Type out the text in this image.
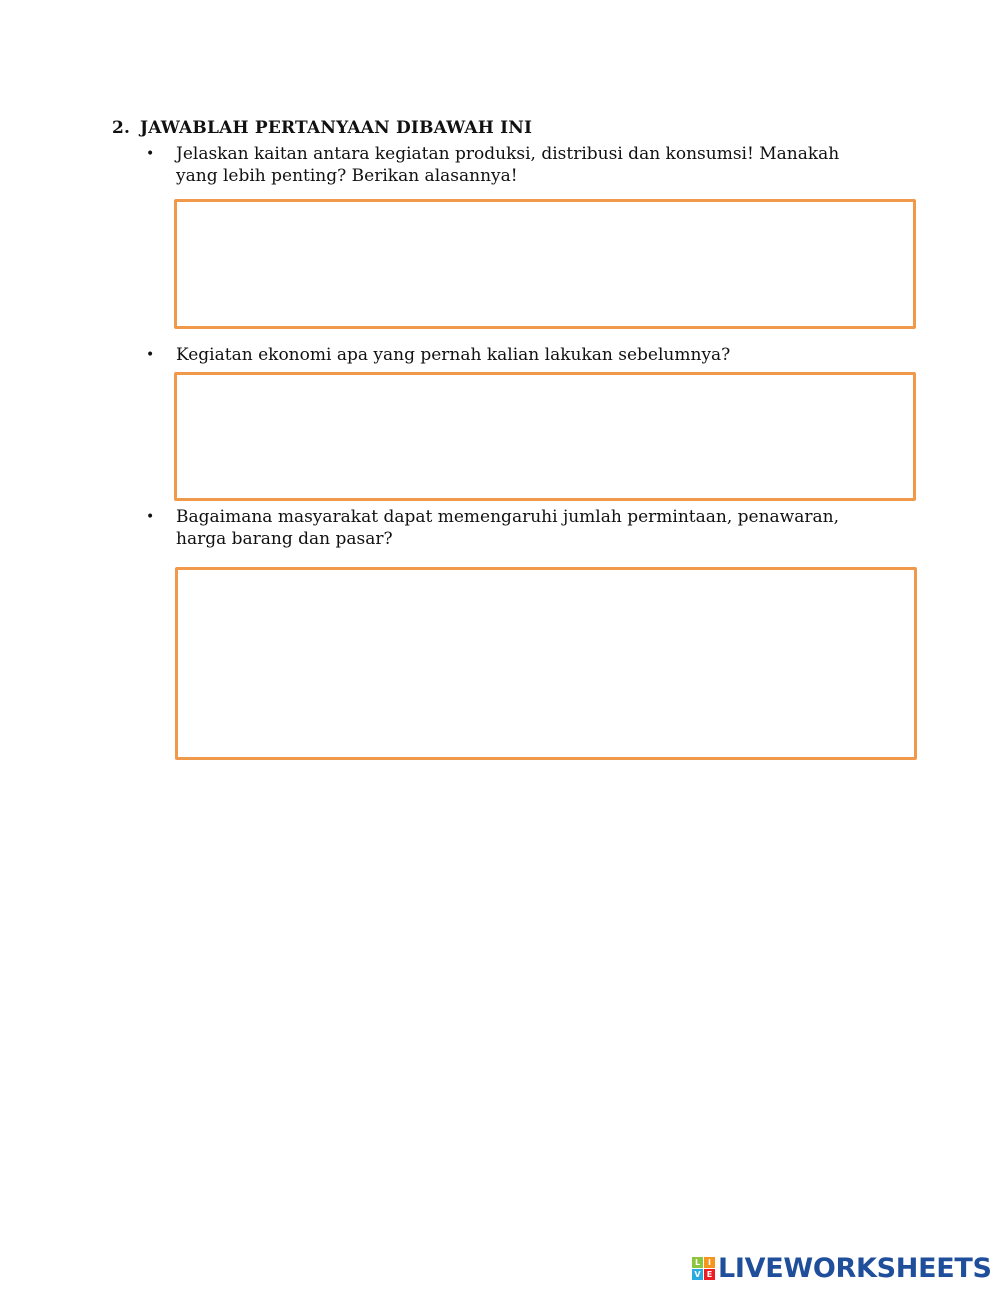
2. JAWABLAH PERTANYAAN DIBAWAH INI
•	Jelaskan kaitan antara kegiatan produksi, distribusi dan konsumsi! Manakah
yang lebih penting? Berikan alasannya!
•	Kegiatan ekonomi apa yang pernah kalian lakukan sebelumnya?
•	Bagaimana masyarakat dapat memengaruhi jumlah permintaan, penawaran,
harga barang dan pasar?
L I
V E LIVEWORKSHEETS
